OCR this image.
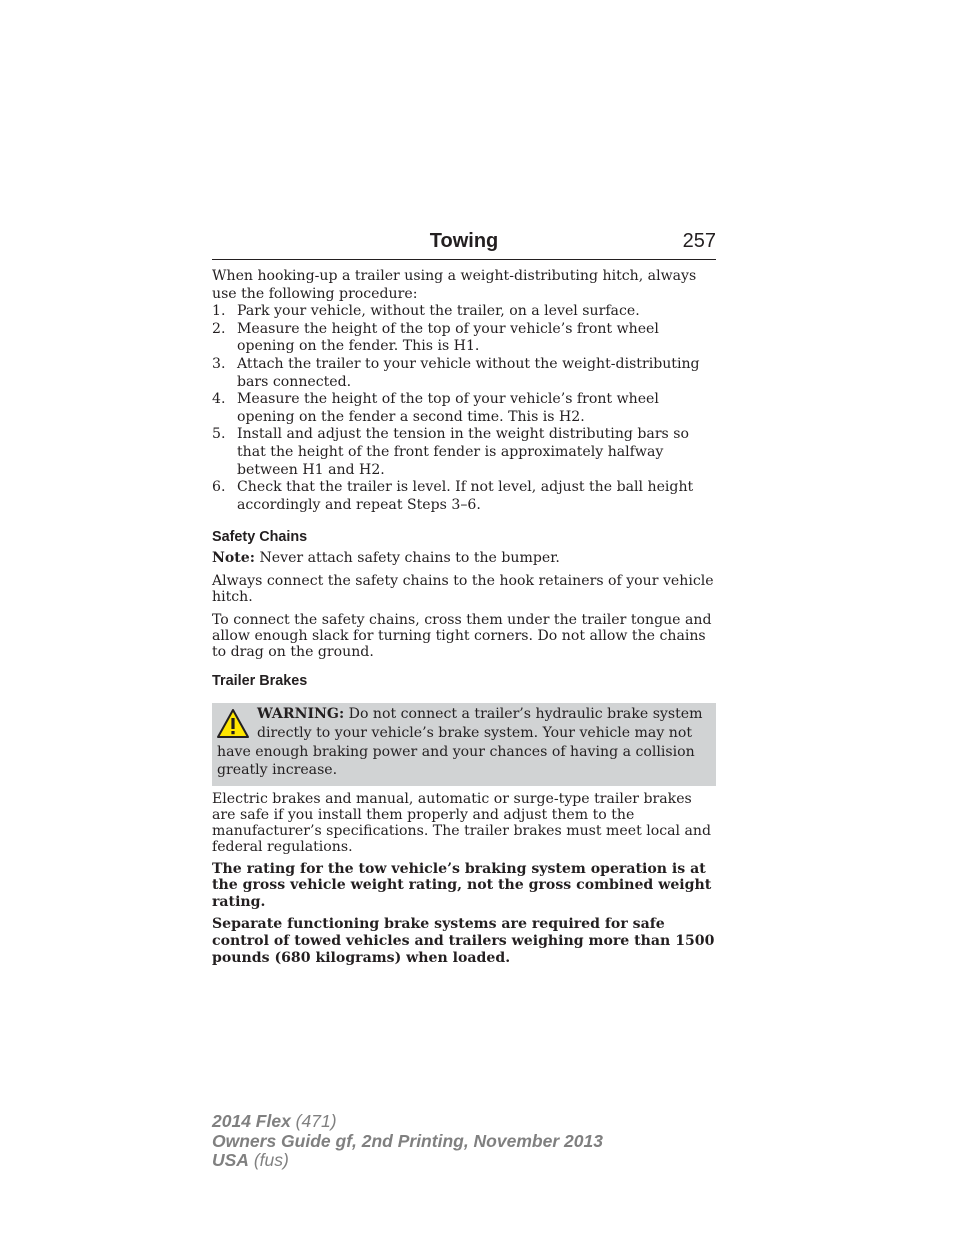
Towing	257

When hooking-up a trailer using a weight-distributing hitch, always use the following procedure:

1. Park your vehicle, without the trailer, on a level surface.
2. Measure the height of the top of your vehicle’s front wheel opening on the fender. This is H1.
3. Attach the trailer to your vehicle without the weight-distributing bars connected.
4. Measure the height of the top of your vehicle’s front wheel opening on the fender a second time. This is H2.
5. Install and adjust the tension in the weight distributing bars so that the height of the front fender is approximately halfway between H1 and H2.
6. Check that the trailer is level. If not level, adjust the ball height accordingly and repeat Steps 3–6.
Safety Chains

Note: Never attach safety chains to the bumper.

Always connect the safety chains to the hook retainers of your vehicle hitch.

To connect the safety chains, cross them under the trailer tongue and allow enough slack for turning tight corners. Do not allow the chains to drag on the ground.

Trailer Brakes
WARNING: Do not connect a trailer’s hydraulic brake system directly to your vehicle’s brake system. Your vehicle may not have enough braking power and your chances of having a collision greatly increase.

Electric brakes and manual, automatic or surge-type trailer brakes are safe if you install them properly and adjust them to the manufacturer’s specifications. The trailer brakes must meet local and federal regulations.

The rating for the tow vehicle’s braking system operation is at the gross vehicle weight rating, not the gross combined weight rating.

Separate functioning brake systems are required for safe control of towed vehicles and trailers weighing more than 1500 pounds (680 kilograms) when loaded.

2014 Flex (471)
Owners Guide gf, 2nd Printing, November 2013
USA (fus)
